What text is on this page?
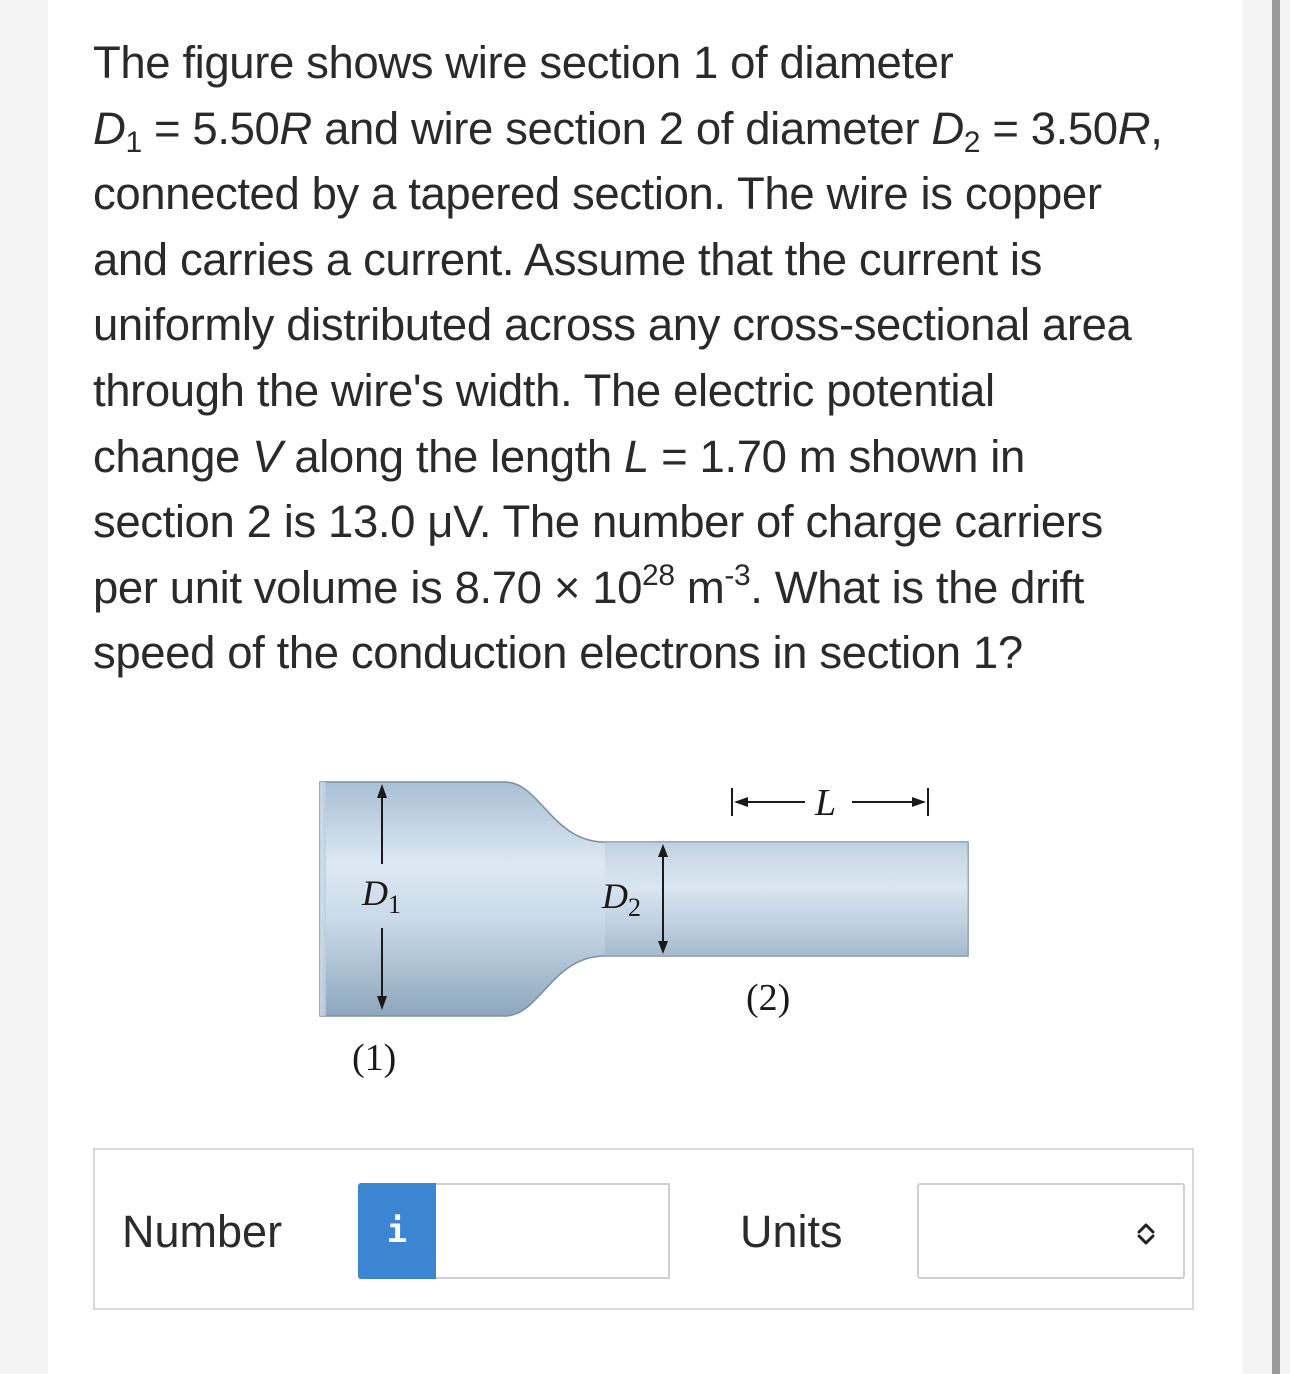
The figure shows wire section 1 of diameter
$D_1 = 5.50R$ and wire section 2 of diameter $D_2 = 3.50R$,
connected by a tapered section. The wire is copper
and carries a current. Assume that the current is
uniformly distributed across any cross-sectional area
through the wire's width. The electric potential
change V along the length L = 1.70 m shown in
section 2 is 13.0 μV. The number of charge carriers
per unit volume is $8.70 \times 10^{28}$ $m^{-3}$. What is the drift
speed of the conduction electrons in section 1?
$D_1$	$D_2$
L
(1)
(2)
Number	i	Units
